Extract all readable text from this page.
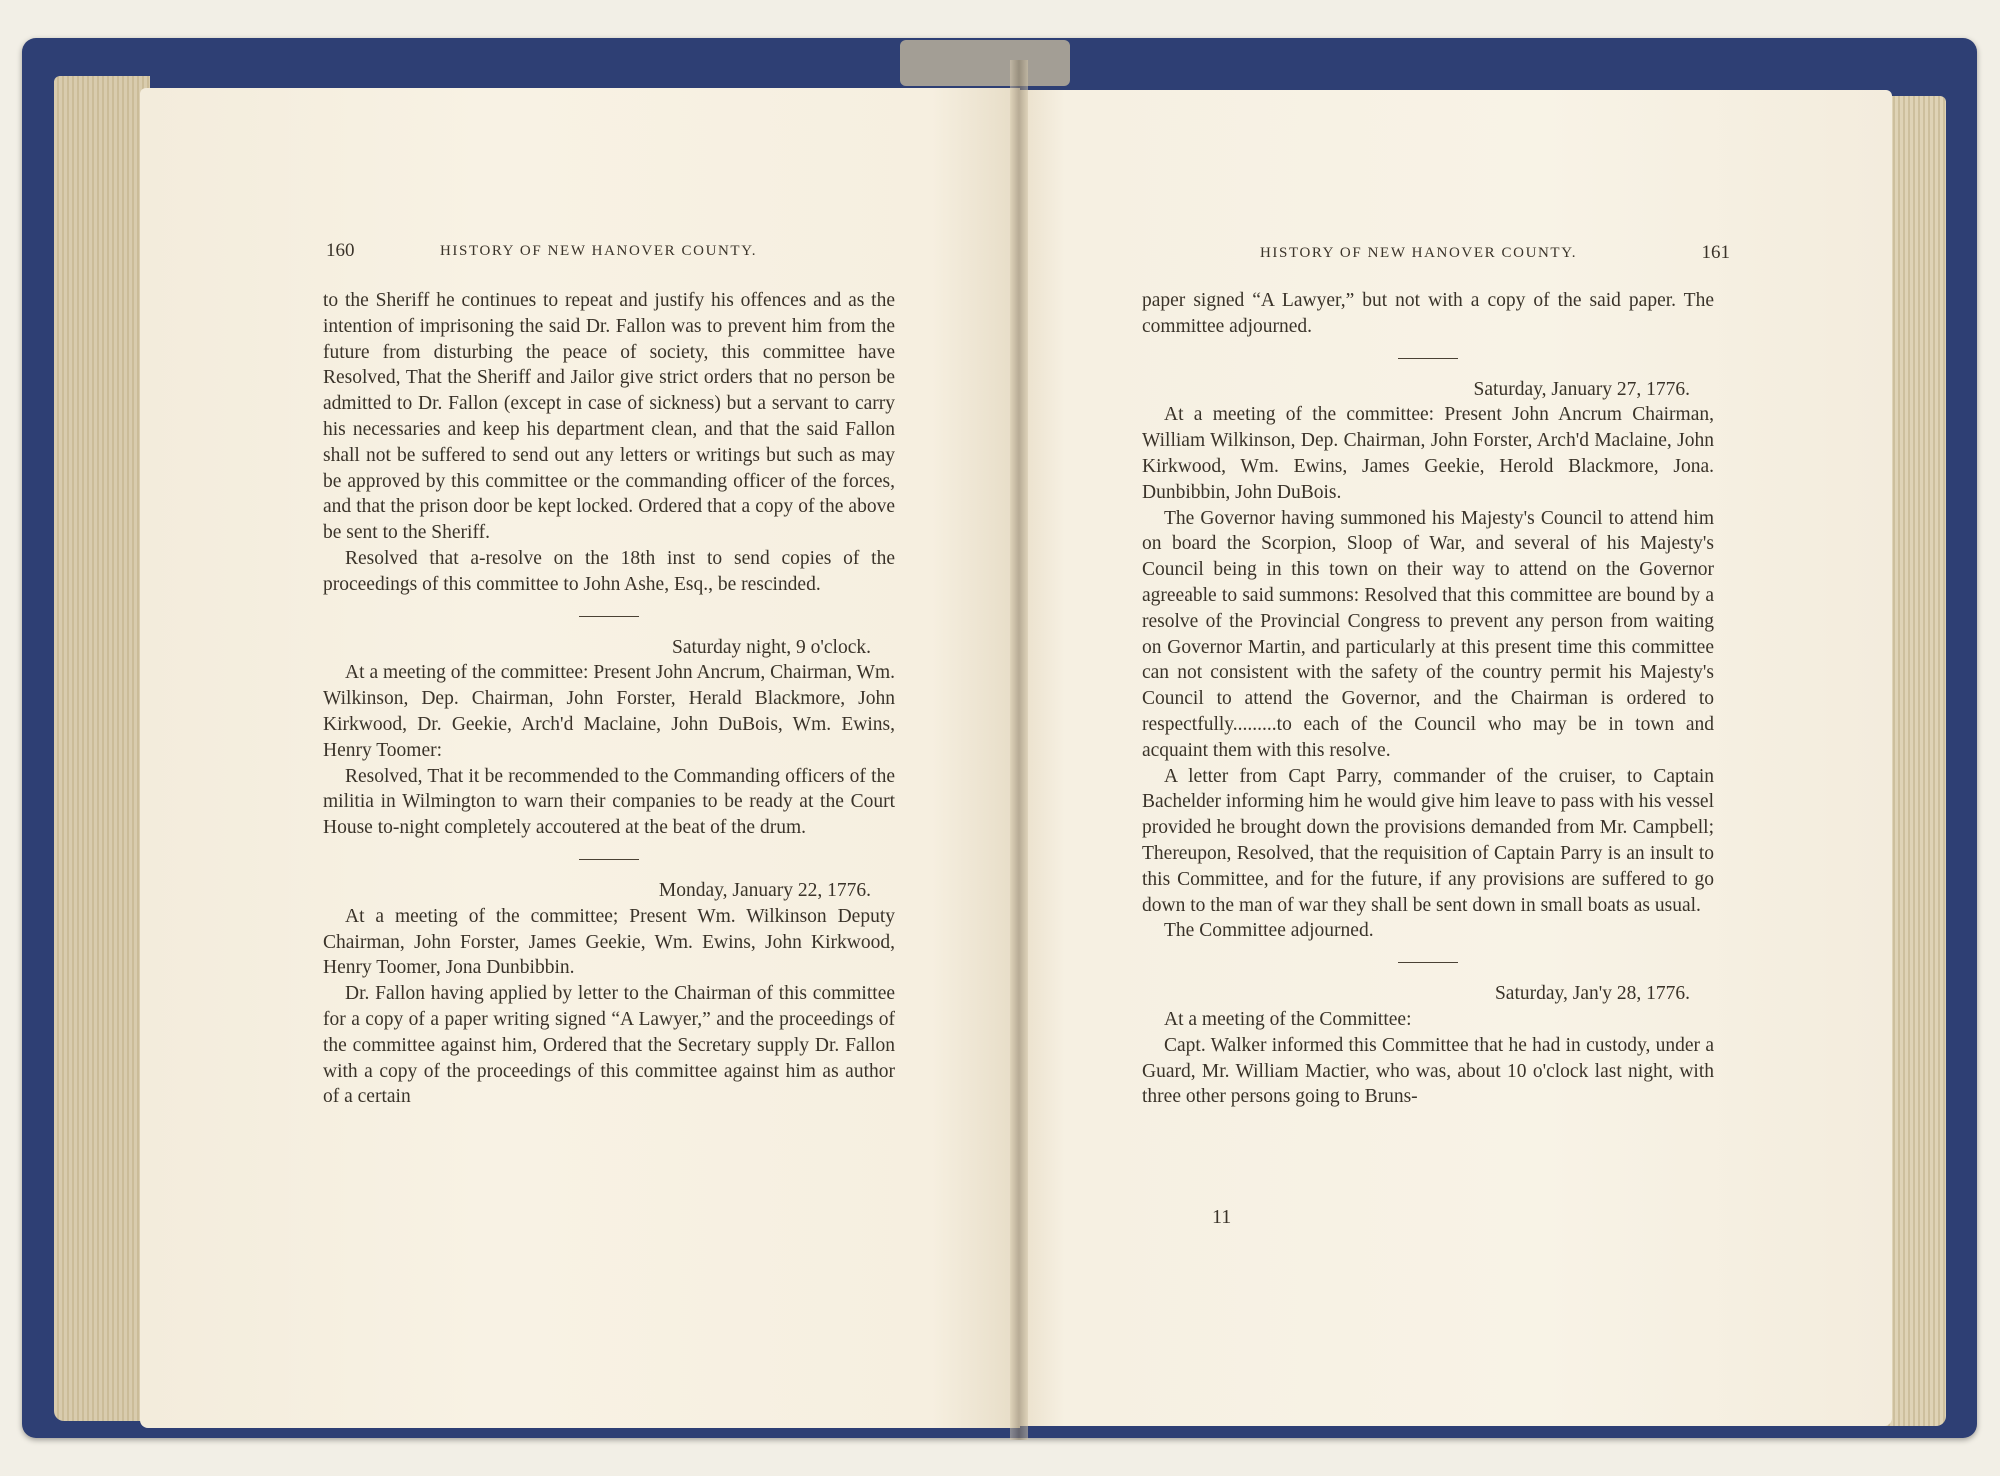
160	HISTORY OF NEW HANOVER COUNTY.

to the Sheriff he continues to repeat and justify his offences and as the intention of imprisoning the said Dr. Fallon was to prevent him from the future from disturbing the peace of society, this committee have Resolved, That the Sheriff and Jailor give strict orders that no person be admitted to Dr. Fallon (except in case of sickness) but a servant to carry his necessaries and keep his department clean, and that the said Fallon shall not be suffered to send out any letters or writings but such as may be approved by this committee or the commanding officer of the forces, and that the prison door be kept locked. Ordered that a copy of the above be sent to the Sheriff.

Resolved that a-resolve on the 18th inst to send copies of the proceedings of this committee to John Ashe, Esq., be rescinded.

Saturday night, 9 o'clock.

At a meeting of the committee: Present John Ancrum, Chairman, Wm. Wilkinson, Dep. Chairman, John Forster, Herald Blackmore, John Kirkwood, Dr. Geekie, Arch'd Maclaine, John DuBois, Wm. Ewins, Henry Toomer:

Resolved, That it be recommended to the Commanding officers of the militia in Wilmington to warn their companies to be ready at the Court House to-night completely accoutered at the beat of the drum.

Monday, January 22, 1776.

At a meeting of the committee; Present Wm. Wilkinson Deputy Chairman, John Forster, James Geekie, Wm. Ewins, John Kirkwood, Henry Toomer, Jona Dunbibbin.

Dr. Fallon having applied by letter to the Chairman of this committee for a copy of a paper writing signed “A Lawyer,” and the proceedings of the committee against him, Ordered that the Secretary supply Dr. Fallon with a copy of the proceedings of this committee against him as author of a certain

HISTORY OF NEW HANOVER COUNTY.	161

paper signed “A Lawyer,” but not with a copy of the said paper. The committee adjourned.

Saturday, January 27, 1776.

At a meeting of the committee: Present John Ancrum Chairman, William Wilkinson, Dep. Chairman, John Forster, Arch'd Maclaine, John Kirkwood, Wm. Ewins, James Geekie, Herold Blackmore, Jona. Dunbibbin, John DuBois.

The Governor having summoned his Majesty's Council to attend him on board the Scorpion, Sloop of War, and several of his Majesty's Council being in this town on their way to attend on the Governor agreeable to said summons: Resolved that this committee are bound by a resolve of the Provincial Congress to prevent any person from waiting on Governor Martin, and particularly at this present time this committee can not consistent with the safety of the country permit his Majesty's Council to attend the Governor, and the Chairman is ordered to respectfully.........to each of the Council who may be in town and acquaint them with this resolve.

A letter from Capt Parry, commander of the cruiser, to Captain Bachelder informing him he would give him leave to pass with his vessel provided he brought down the provisions demanded from Mr. Campbell; Thereupon, Resolved, that the requisition of Captain Parry is an insult to this Committee, and for the future, if any provisions are suffered to go down to the man of war they shall be sent down in small boats as usual.

The Committee adjourned.

Saturday, Jan'y 28, 1776.

At a meeting of the Committee:

Capt. Walker informed this Committee that he had in custody, under a Guard, Mr. William Mactier, who was, about 10 o'clock last night, with three other persons going to Bruns-

11
